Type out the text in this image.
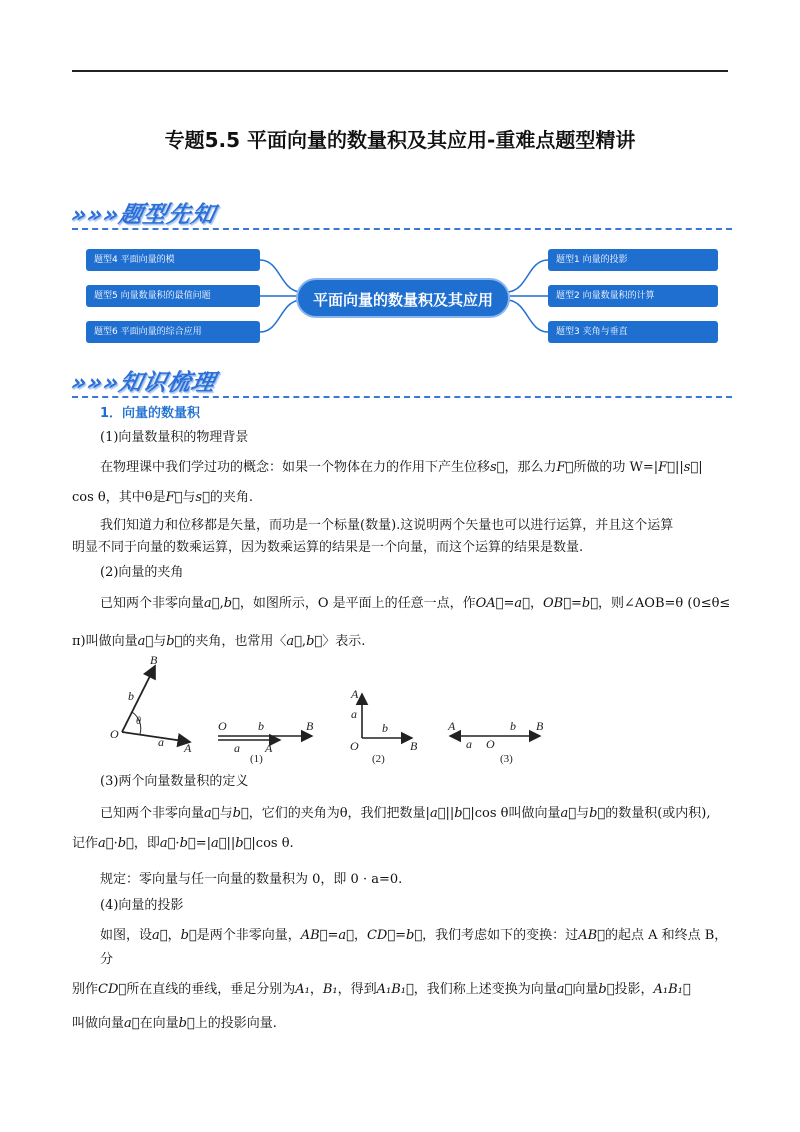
专题5.5 平面向量的数量积及其应用-重难点题型精讲
»»»题型先知
题型4 平面向量的模
题型5 向量数量积的最值问题
题型6 平面向量的综合应用
平面向量的数量积及其应用
题型1 向量的投影
题型2 向量数量积的计算
题型3 夹角与垂直
»»»知识梳理
1．向量的数量积
(1)向量数量积的物理背景
在物理课中我们学过功的概念：如果一个物体在力的作用下产生位移s⃗，那么力F⃗所做的功 W=|F⃗||s⃗|
cos θ，其中θ是F⃗与s⃗的夹角.
我们知道力和位移都是矢量，而功是一个标量(数量).这说明两个矢量也可以进行运算，并且这个运算
明显不同于向量的数乘运算，因为数乘运算的结果是一个向量，而这个运算的结果是数量.
(2)向量的夹角
已知两个非零向量a⃗,b⃗，如图所示，O 是平面上的任意一点，作OA⃗=a⃗，OB⃗=b⃗，则∠AOB=θ (0≤θ≤
π)叫做向量a⃗与b⃗的夹角，也常用〈a⃗,b⃗〉表示.
B
b
θ
O
a A
O
a
b
A
B
(1)
A
a
O
b
B
(2)
A
a O
b B
(3)
(3)两个向量数量积的定义
已知两个非零向量a⃗与b⃗，它们的夹角为θ，我们把数量|a⃗||b⃗|cos θ叫做向量a⃗与b⃗的数量积(或内积),
记作a⃗·b⃗，即a⃗·b⃗=|a⃗||b⃗|cos θ.
规定：零向量与任一向量的数量积为 0，即 0 · a=0.
(4)向量的投影
如图，设a⃗，b⃗是两个非零向量，AB⃗=a⃗，CD⃗=b⃗，我们考虑如下的变换：过AB⃗的起点 A 和终点 B，
分
别作CD⃗所在直线的垂线，垂足分别为A₁，B₁，得到A₁B₁⃗，我们称上述变换为向量a⃗向量b⃗投影，A₁B₁⃗
叫做向量a⃗在向量b⃗上的投影向量.
